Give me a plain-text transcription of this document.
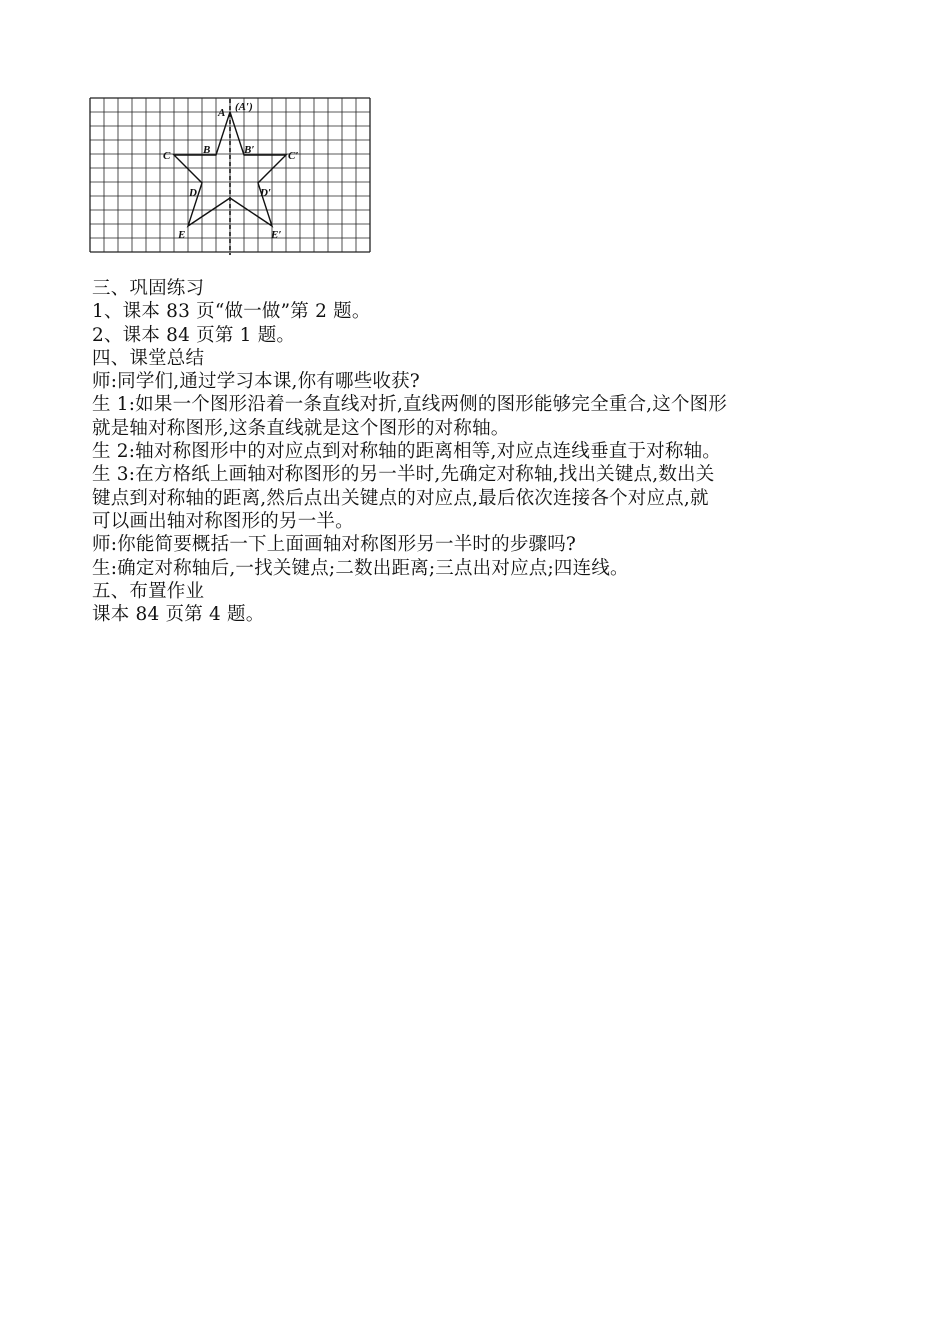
A (A′)
B	B′
C	C′
D	D′
E	E′
三、巩固练习
1、课本 83 页“做一做”第 2 题。
2、课本 84 页第 1 题。
四、课堂总结
师:同学们,通过学习本课,你有哪些收获?
生 1:如果一个图形沿着一条直线对折,直线两侧的图形能够完全重合,这个图形
就是轴对称图形,这条直线就是这个图形的对称轴。
生 2:轴对称图形中的对应点到对称轴的距离相等,对应点连线垂直于对称轴。
生 3:在方格纸上画轴对称图形的另一半时,先确定对称轴,找出关键点,数出关
键点到对称轴的距离,然后点出关键点的对应点,最后依次连接各个对应点,就
可以画出轴对称图形的另一半。
师:你能简要概括一下上面画轴对称图形另一半时的步骤吗?
生:确定对称轴后,一找关键点;二数出距离;三点出对应点;四连线。
五、布置作业
课本 84 页第 4 题。
